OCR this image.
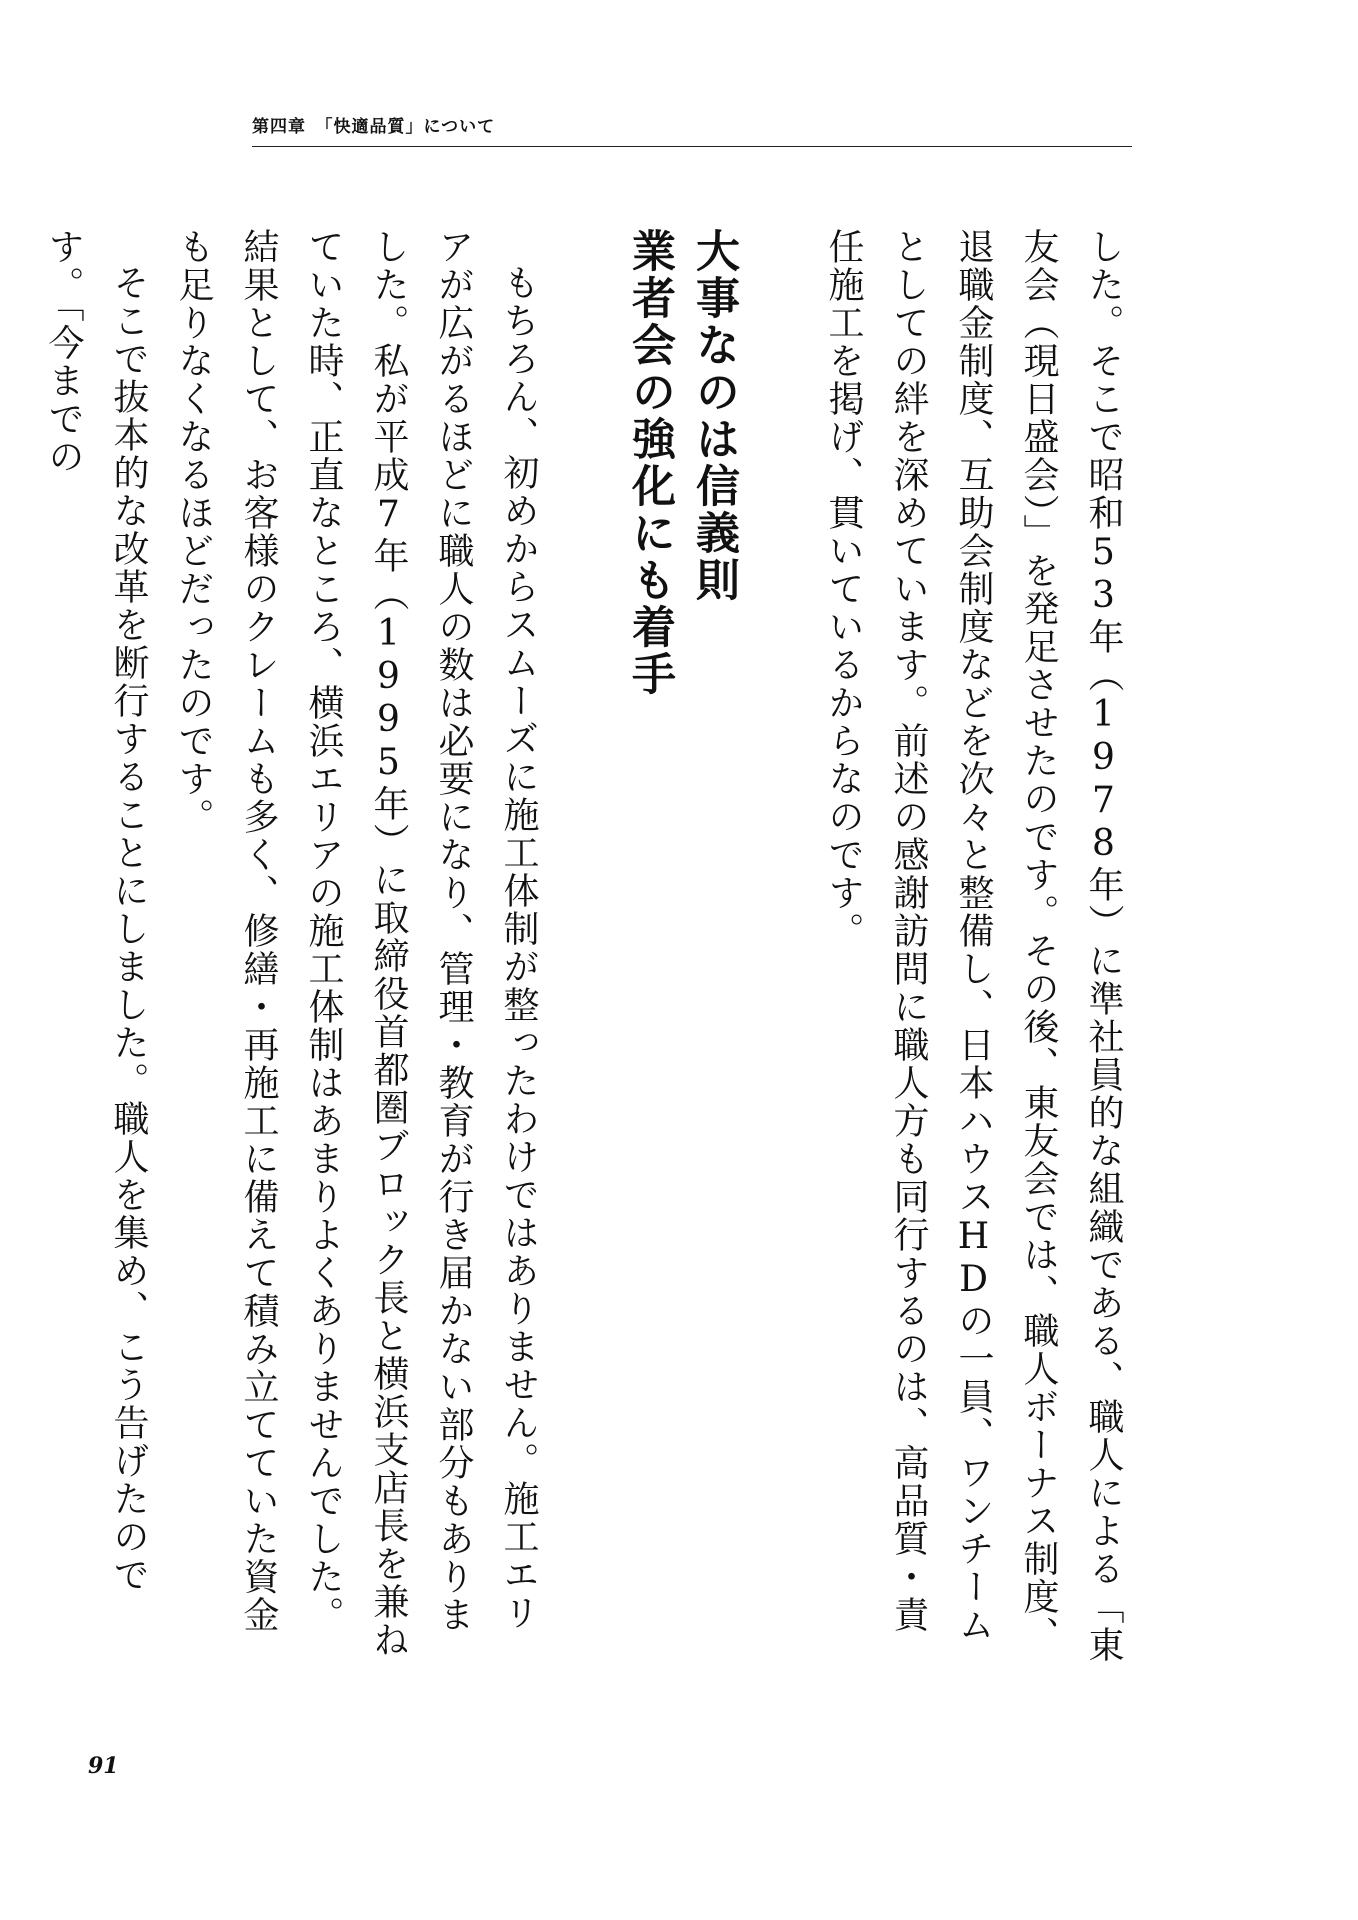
第四章　「快適品質」について

した。そこで昭和53年（1978年）に準社員的な組織である、職人による「東友会（現日盛会）」を発足させたのです。その後、東友会では、職人ボーナス制度、退職金制度、互助会制度などを次々と整備し、日本ハウスHDの一員、ワンチームとしての絆を深めています。前述の感謝訪問に職人方も同行するのは、高品質・責任施工を掲げ、貫いているからなのです。

大事なのは信義則

業者会の強化にも着手

もちろん、初めからスムーズに施工体制が整ったわけではありません。施工エリアが広がるほどに職人の数は必要になり、管理・教育が行き届かない部分もありました。私が平成7年（1995年）に取締役首都圏ブロック長と横浜支店長を兼ねていた時、正直なところ、横浜エリアの施工体制はあまりよくありませんでした。結果として、お客様のクレームも多く、修繕・再施工に備えて積み立てていた資金も足りなくなるほどだったのです。

そこで抜本的な改革を断行することにしました。職人を集め、こう告げたのです。「今までの

91
